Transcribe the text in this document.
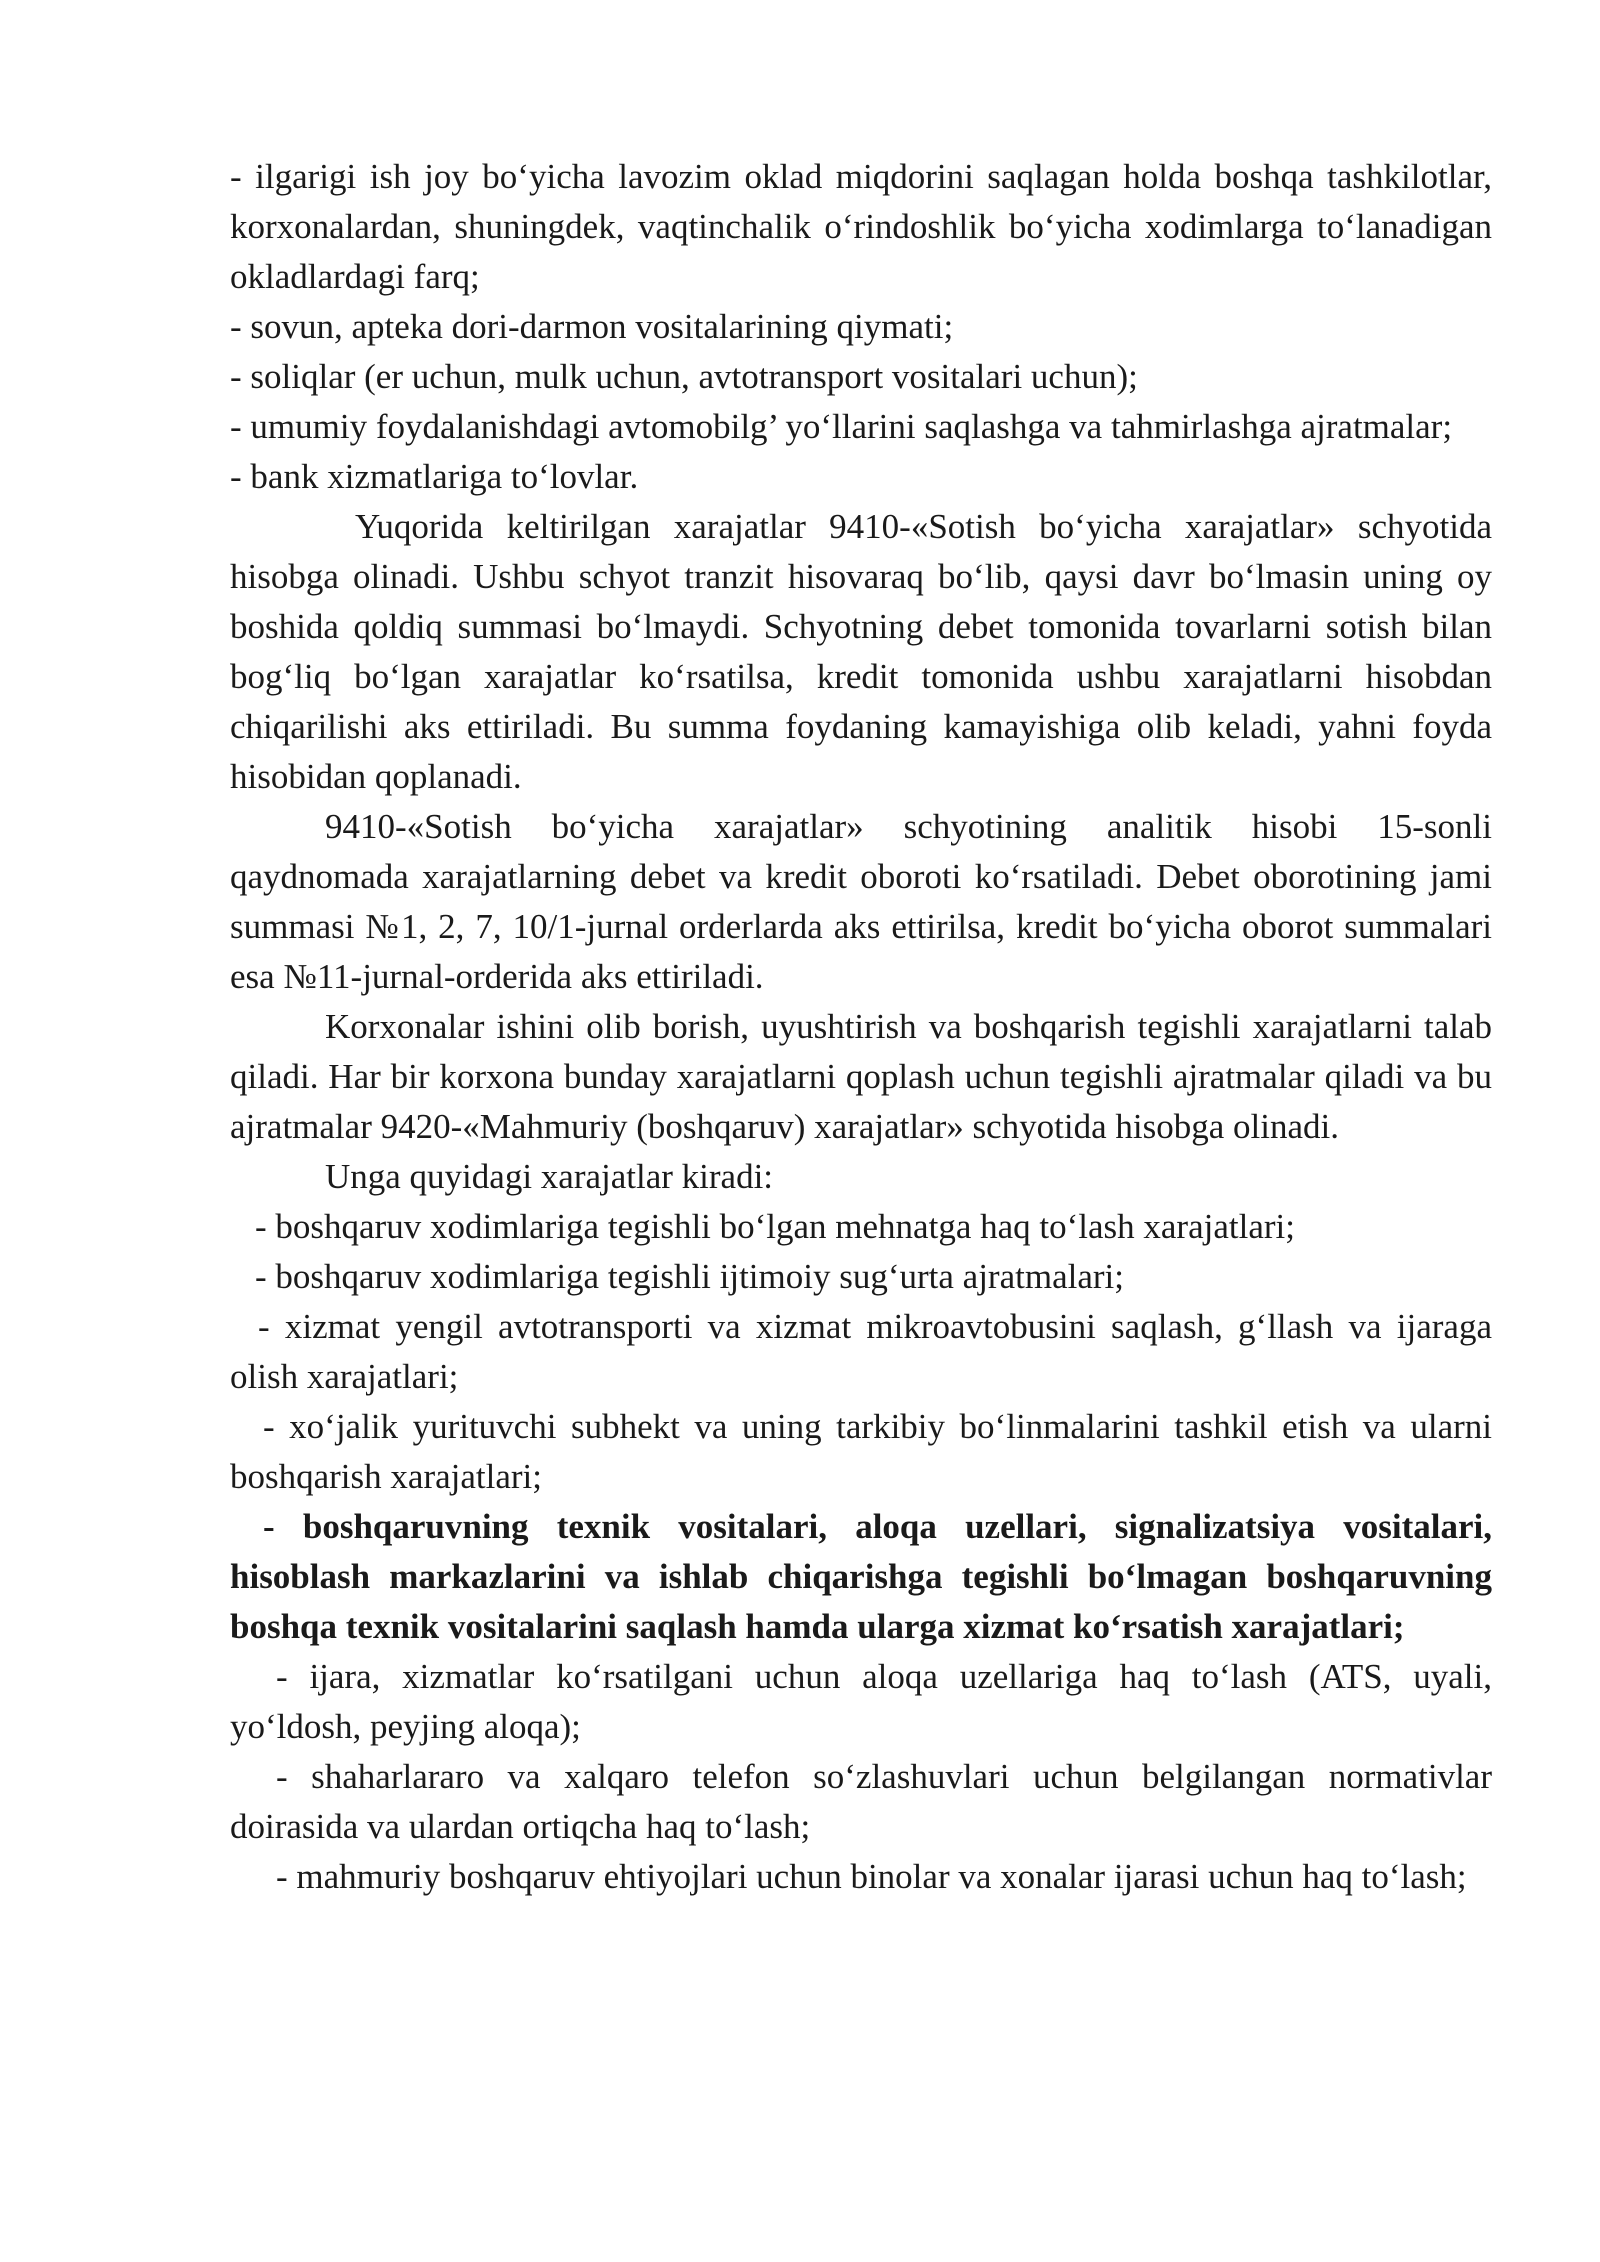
- ilgarigi ish joy bo‘yicha lavozim oklad miqdorini saqlagan holda boshqa tashkilotlar, korxonalardan, shuningdek, vaqtinchalik o‘rindoshlik bo‘yicha xodimlarga to‘lanadigan okladlardagi farq;

- sovun, apteka dori-darmon vositalarining qiymati;

- soliqlar (er uchun, mulk uchun, avtotransport vositalari uchun);

- umumiy foydalanishdagi avtomobilg’ yo‘llarini saqlashga va tahmirlashga ajratmalar;

- bank xizmatlariga to‘lovlar.

Yuqorida keltirilgan xarajatlar 9410-«Sotish bo‘yicha xarajatlar» schyotida hisobga olinadi. Ushbu schyot tranzit hisovaraq bo‘lib, qaysi davr bo‘lmasin uning oy boshida qoldiq summasi bo‘lmaydi. Schyotning debet tomonida tovarlarni sotish bilan bog‘liq bo‘lgan xarajatlar ko‘rsatilsa, kredit tomonida ushbu xarajatlarni hisobdan chiqarilishi aks ettiriladi. Bu summa foydaning kamayishiga olib keladi, yahni foyda hisobidan qoplanadi.

9410-«Sotish bo‘yicha xarajatlar» schyotining analitik hisobi 15-sonli qaydnomada xarajatlarning debet va kredit oboroti ko‘rsatiladi. Debet oborotining jami summasi №1, 2, 7, 10/1-jurnal orderlarda aks ettirilsa, kredit bo‘yicha oborot summalari esa №11-jurnal-orderida aks ettiriladi.

Korxonalar ishini olib borish, uyushtirish va boshqarish tegishli xarajatlarni talab qiladi. Har bir korxona bunday xarajatlarni qoplash uchun tegishli ajratmalar qiladi va bu ajratmalar 9420-«Mahmuriy (boshqaruv) xarajatlar» schyotida hisobga olinadi.

Unga quyidagi xarajatlar kiradi:

- boshqaruv xodimlariga tegishli bo‘lgan mehnatga haq to‘lash xarajatlari;

- boshqaruv xodimlariga tegishli ijtimoiy sug‘urta ajratmalari;

- xizmat yengil avtotransporti va xizmat mikroavtobusini saqlash, g‘llash va ijaraga olish xarajatlari;

- xo‘jalik yurituvchi subhekt va uning tarkibiy bo‘linmalarini tashkil etish va ularni boshqarish xarajatlari;

- boshqaruvning texnik vositalari, aloqa uzellari, signalizatsiya vositalari, hisoblash markazlarini va ishlab chiqarishga tegishli bo‘lmagan boshqaruvning boshqa texnik vositalarini saqlash hamda ularga xizmat ko‘rsatish xarajatlari;

- ijara, xizmatlar ko‘rsatilgani uchun aloqa uzellariga haq to‘lash (ATS, uyali, yo‘ldosh, peyjing aloqa);

- shaharlararo va xalqaro telefon so‘zlashuvlari uchun belgilangan normativlar doirasida va ulardan ortiqcha haq to‘lash;

- mahmuriy boshqaruv ehtiyojlari uchun binolar va xonalar ijarasi uchun haq to‘lash;
